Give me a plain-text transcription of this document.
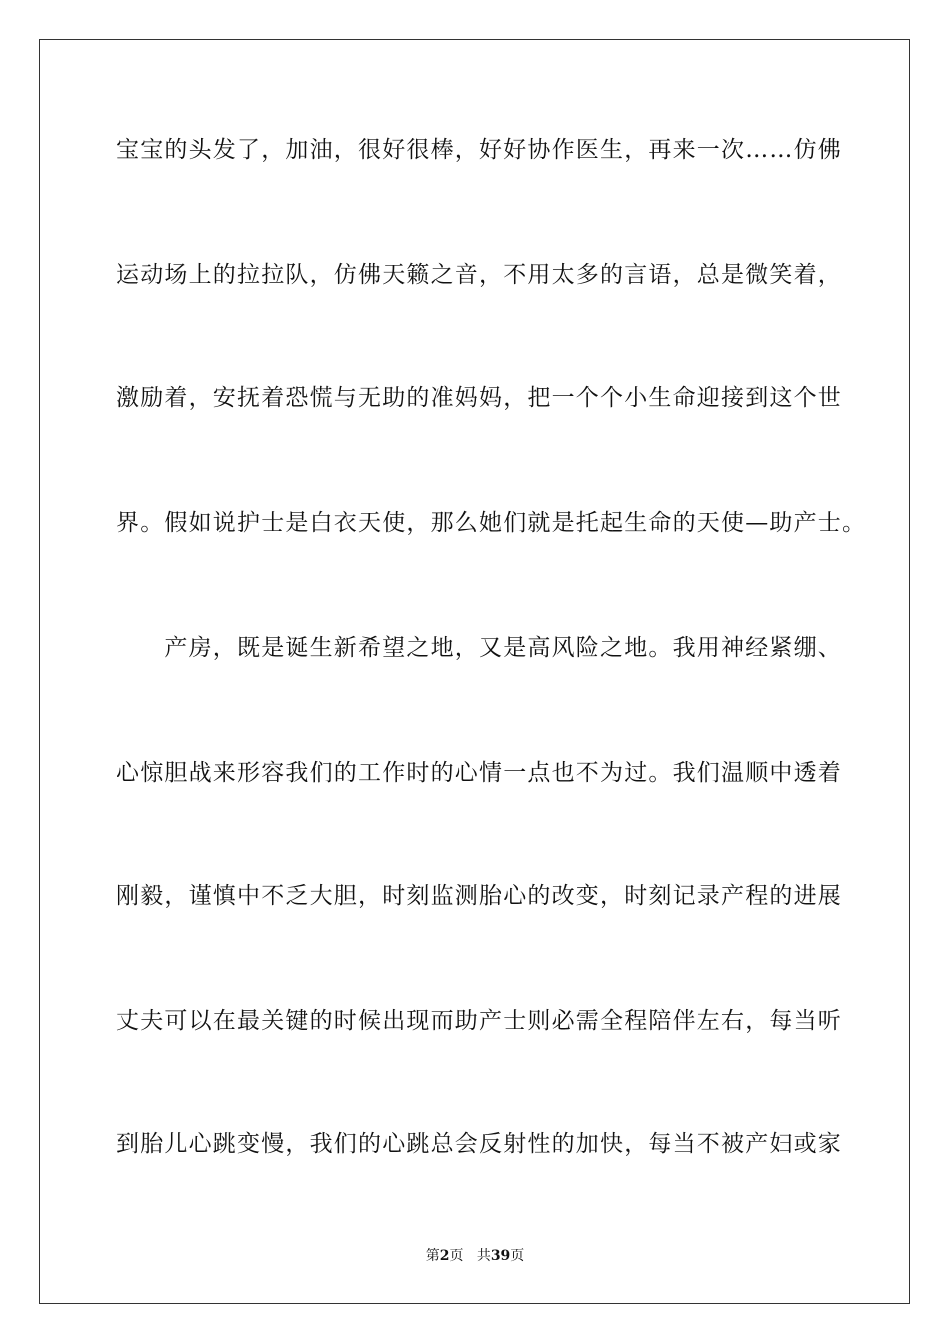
宝宝的头发了，加油，很好很棒，好好协作医生，再来一次……仿佛
运动场上的拉拉队，仿佛天籁之音，不用太多的言语，总是微笑着，
激励着，安抚着恐慌与无助的准妈妈，把一个个小生命迎接到这个世
界。假如说护士是白衣天使，那么她们就是托起生命的天使—助产士。
　　产房，既是诞生新希望之地，又是高风险之地。我用神经紧绷、
心惊胆战来形容我们的工作时的心情一点也不为过。我们温顺中透着
刚毅，谨慎中不乏大胆，时刻监测胎心的改变，时刻记录产程的进展
丈夫可以在最关键的时候出现而助产士则必需全程陪伴左右，每当听
到胎儿心跳变慢，我们的心跳总会反射性的加快，每当不被产妇或家
第2页 共39页
